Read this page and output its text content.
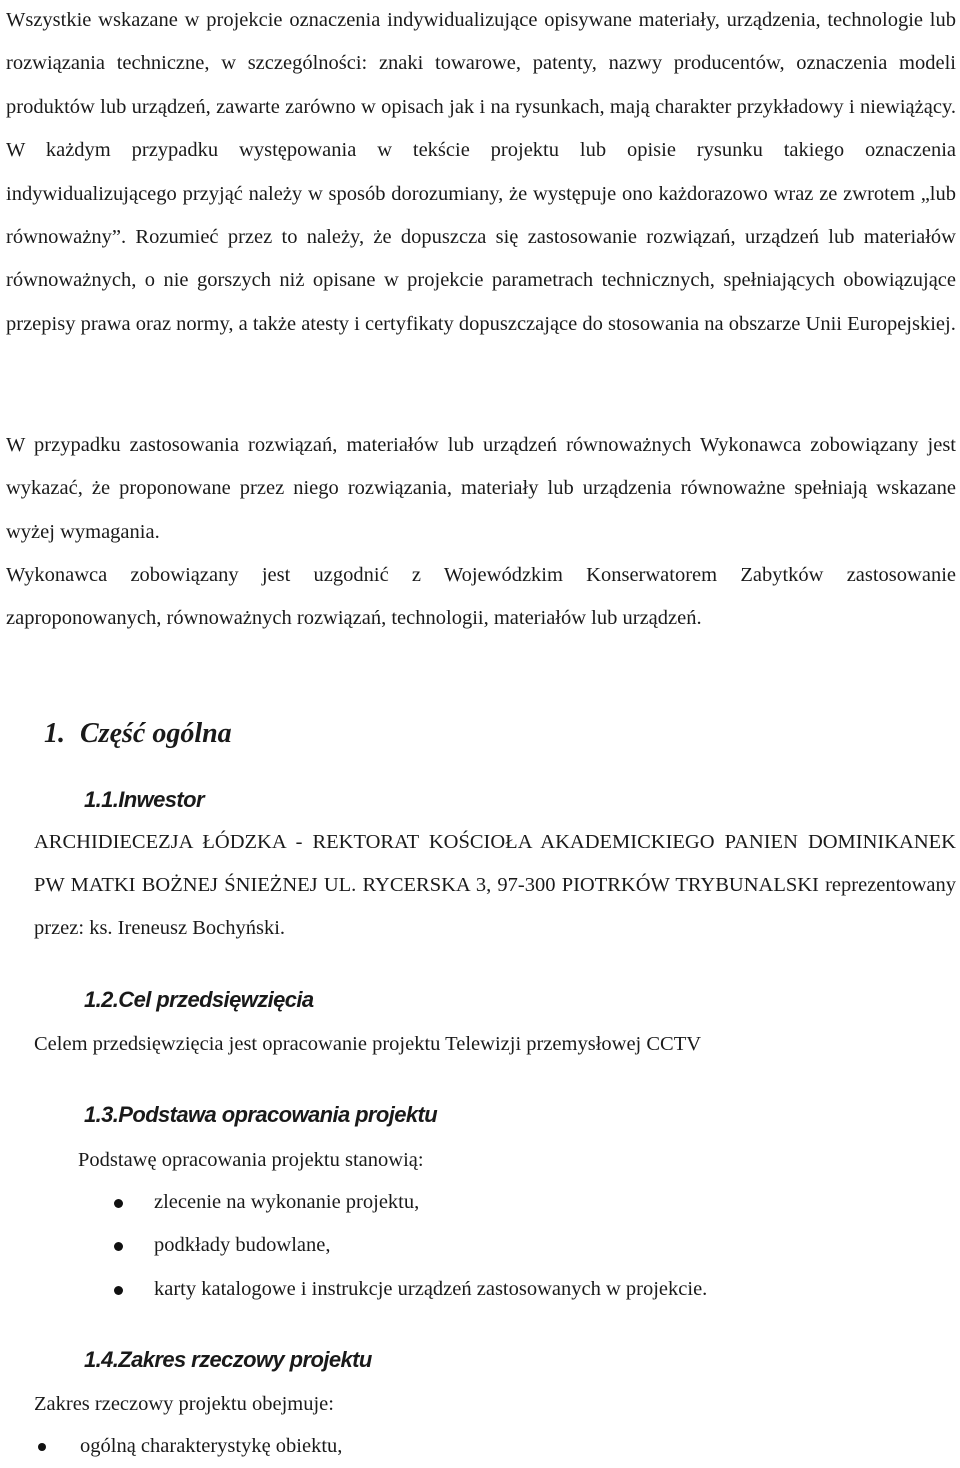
Wszystkie wskazane w projekcie oznaczenia indywidualizujące opisywane materiały, urządzenia, technologie lub rozwiązania techniczne, w szczególności: znaki towarowe, patenty, nazwy producentów, oznaczenia modeli produktów lub urządzeń, zawarte zarówno w opisach jak i na rysunkach, mają charakter przykładowy i niewiążący. W każdym przypadku występowania w tekście projektu lub opisie rysunku takiego oznaczenia indywidualizującego przyjąć należy w sposób dorozumiany, że występuje ono każdorazowo wraz ze zwrotem „lub równoważny”. Rozumieć przez to należy, że dopuszcza się zastosowanie rozwiązań, urządzeń lub materiałów równoważnych, o nie gorszych niż opisane w projekcie parametrach technicznych, spełniających obowiązujące przepisy prawa oraz normy, a także atesty i certyfikaty dopuszczające do stosowania na obszarze Unii Europejskiej.

W przypadku zastosowania rozwiązań, materiałów lub urządzeń równoważnych Wykonawca zobowiązany jest wykazać, że proponowane przez niego rozwiązania, materiały lub urządzenia równoważne spełniają wskazane wyżej wymagania.

Wykonawca zobowiązany jest uzgodnić z Wojewódzkim Konserwatorem Zabytków zastosowanie zaproponowanych, równoważnych rozwiązań, technologii, materiałów lub urządzeń.

1. Część ogólna
1.1.Inwestor

ARCHIDIECEZJA ŁÓDZKA - REKTORAT KOŚCIOŁA AKADEMICKIEGO PANIEN DOMINIKANEK PW MATKI BOŻNEJ ŚNIEŻNEJ UL. RYCERSKA 3, 97-300 PIOTRKÓW TRYBUNALSKI reprezentowany przez: ks. Ireneusz Bochyński.

1.2.Cel przedsięwzięcia

Celem przedsięwzięcia jest opracowanie projektu Telewizji przemysłowej CCTV

1.3.Podstawa opracowania projektu

Podstawę opracowania projektu stanowią:

zlecenie na wykonanie projektu,
podkłady budowlane,
karty katalogowe i instrukcje urządzeń zastosowanych w projekcie.
1.4.Zakres rzeczowy projektu

Zakres rzeczowy projektu obejmuje:

ogólną charakterystykę obiektu,
